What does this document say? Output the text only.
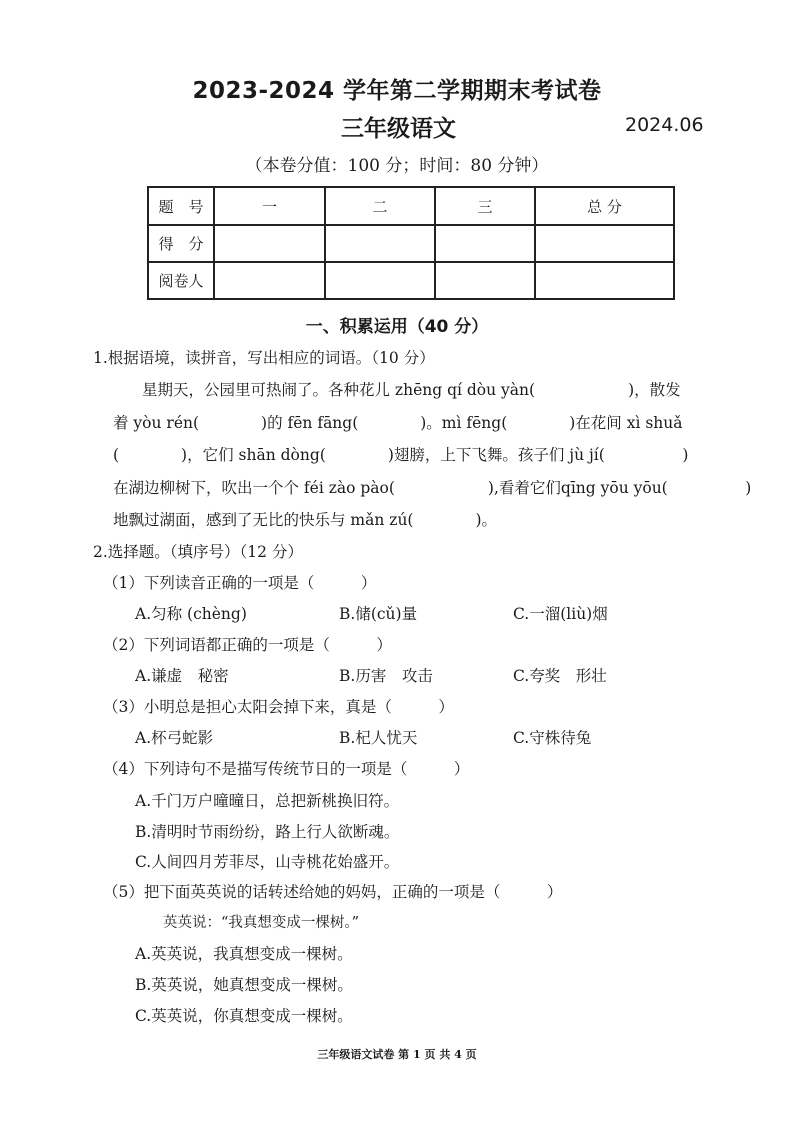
2023-2024 学年第二学期期末考试卷
三年级语文	2024.06
（本卷分值：100 分；时间：80 分钟）
题　号	一	二	三	总 分
得　分				
阅卷人				
一、积累运用（40 分）
1.根据语境，读拼音，写出相应的词语。（10 分）
星期天，公园里可热闹了。各种花儿 zhēng qí dòu yàn(　　　　　　)，散发
着 yòu rén(　　　　)的 fēn fāng(　　　　)。mì fēng(　　　　)在花间 xì shuǎ
(　　　　)，它们 shān dòng(　　　　)翅膀，上下飞舞。孩子们 jù jí(　　　　　)
在湖边柳树下，吹出一个个 féi zào pào(　　　　　　),看着它们qīng yōu yōu(　　　　　)
地飘过湖面，感到了无比的快乐与 mǎn zú(　　　　)。
2.选择题。（填序号）（12 分）
（1）下列读音正确的一项是（　　　）
A.匀称 (chèng)	B.储(cǔ)量	C.一溜(liù)烟
（2）下列词语都正确的一项是（　　　）
A.谦虚　秘密	B.历害　攻击	C.夸奖　形壮
（3）小明总是担心太阳会掉下来，真是（　　　）
A.杯弓蛇影	B.杞人忧天	C.守株待兔
（4）下列诗句不是描写传统节日的一项是（　　　）
A.千门万户曈曈日，总把新桃换旧符。
B.清明时节雨纷纷，路上行人欲断魂。
C.人间四月芳菲尽，山寺桃花始盛开。
（5）把下面英英说的话转述给她的妈妈，正确的一项是（　　　）
英英说：“我真想变成一棵树。”
A.英英说，我真想变成一棵树。
B.英英说，她真想变成一棵树。
C.英英说，你真想变成一棵树。
三年级语文试卷 第 1 页 共 4 页
